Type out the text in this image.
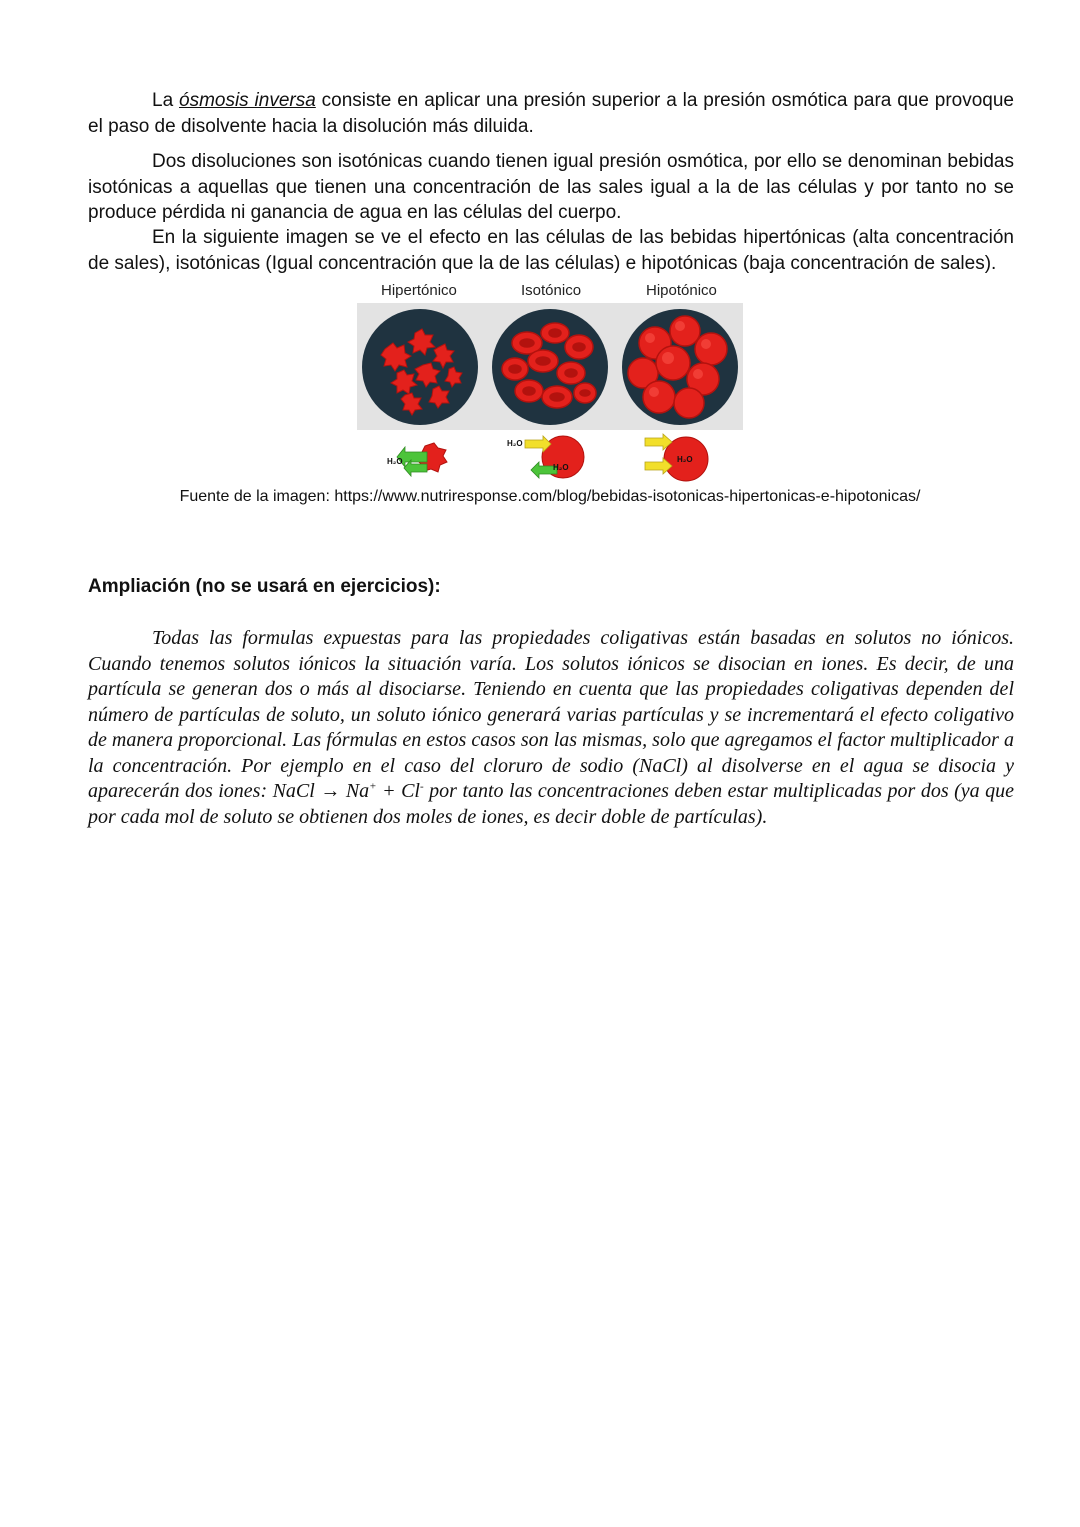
La ósmosis inversa consiste en aplicar una presión superior a la presión osmótica para que provoque el paso de disolvente hacia la disolución más diluida.

Dos disoluciones son isotónicas cuando tienen igual presión osmótica, por ello se denominan bebidas isotónicas a aquellas que tienen una concentración de las sales igual a la de las células y por tanto no se produce pérdida ni ganancia de agua en las células del cuerpo.

En la siguiente imagen se ve el efecto en las células de las bebidas hipertónicas (alta concentración de sales), isotónicas (Igual concentración que la de las células) e hipotónicas (baja concentración de sales).

Hipertónico	Isotónico	Hipotónico
H₂O
H₂O
H₂O
H₂O
Fuente de la imagen: https://www.nutriresponse.com/blog/bebidas-isotonicas-hipertonicas-e-hipotonicas/
Ampliación (no se usará en ejercicios):

Todas las formulas expuestas para las propiedades coligativas están basadas en solutos no iónicos. Cuando tenemos solutos iónicos la situación varía. Los solutos iónicos se disocian en iones. Es decir, de una partícula se generan dos o más al disociarse. Teniendo en cuenta que las propiedades coligativas dependen del número de partículas de soluto, un soluto iónico generará varias partículas y se incrementará el efecto coligativo de manera proporcional. Las fórmulas en estos casos son las mismas, solo que agregamos el factor multiplicador a la concentración. Por ejemplo en el caso del cloruro de sodio (NaCl) al disolverse en el agua se disocia y aparecerán dos iones: NaCl → Na+ + Cl- por tanto las concentraciones deben estar multiplicadas por dos (ya que por cada mol de soluto se obtienen dos moles de iones, es decir doble de partículas).
